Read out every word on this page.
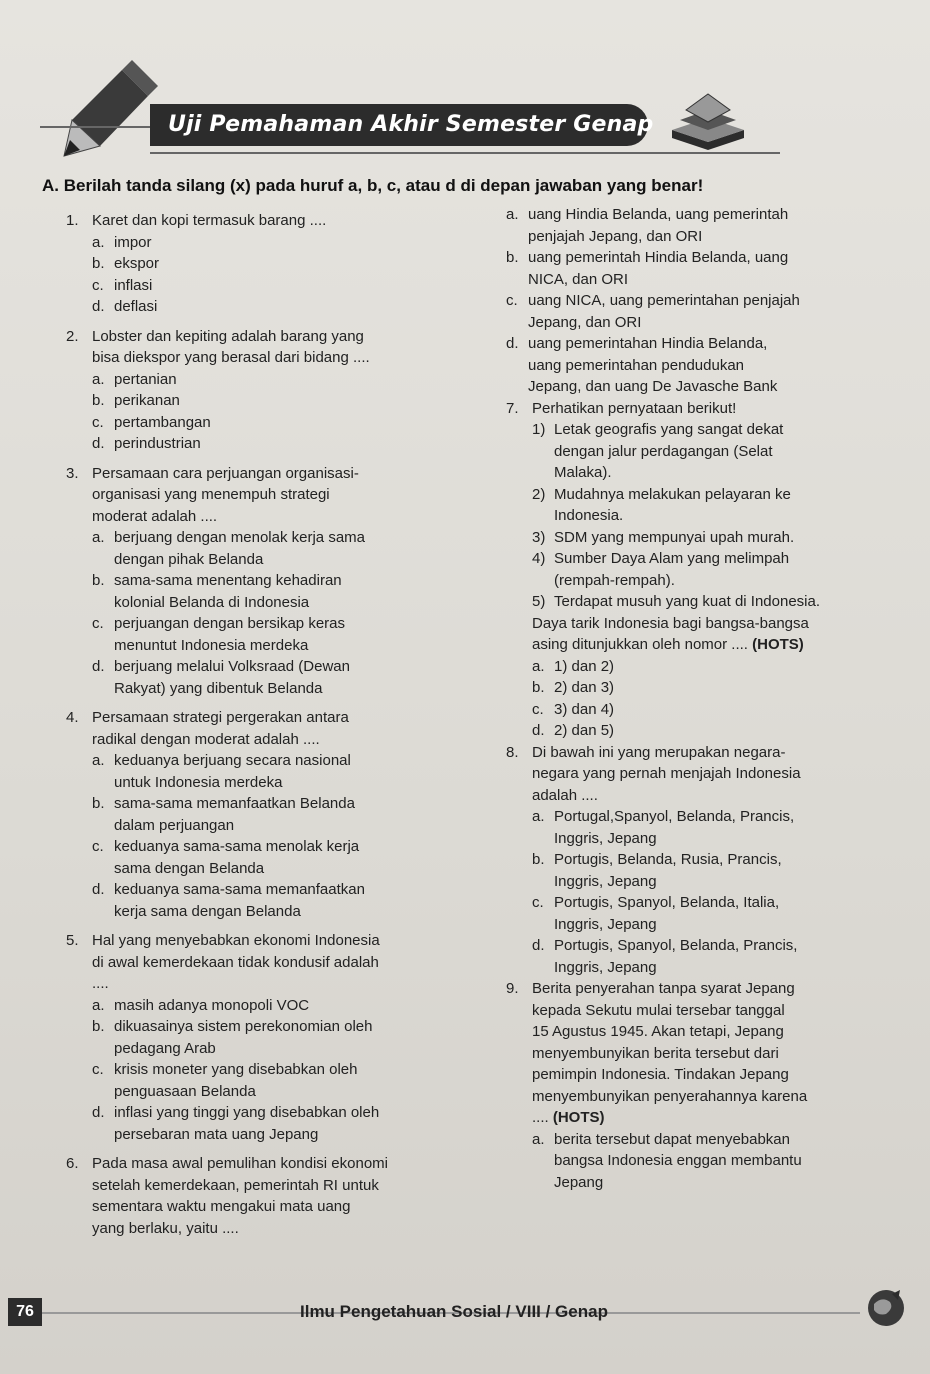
Uji Pemahaman Akhir Semester Genap
A. Berilah tanda silang (x) pada huruf a, b, c, atau d di depan jawaban yang benar!
1. Karet dan kopi termasuk barang ....
a. impor
b. ekspor
c. inflasi
d. deflasi
2. Lobster dan kepiting adalah barang yang
bisa diekspor yang berasal dari bidang ....
a. pertanian
b. perikanan
c. pertambangan
d. perindustrian
3. Persamaan cara perjuangan organisasi-
organisasi yang menempuh strategi
moderat adalah ....
a. berjuang dengan menolak kerja sama
dengan pihak Belanda
b. sama-sama menentang kehadiran
kolonial Belanda di Indonesia
c. perjuangan dengan bersikap keras
menuntut Indonesia merdeka
d. berjuang melalui Volksraad (Dewan
Rakyat) yang dibentuk Belanda
4. Persamaan strategi pergerakan antara
radikal dengan moderat adalah ....
a. keduanya berjuang secara nasional
untuk Indonesia merdeka
b. sama-sama memanfaatkan Belanda
dalam perjuangan
c. keduanya sama-sama menolak kerja
sama dengan Belanda
d. keduanya sama-sama memanfaatkan
kerja sama dengan Belanda
5. Hal yang menyebabkan ekonomi Indonesia
di awal kemerdekaan tidak kondusif adalah
....
a. masih adanya monopoli VOC
b. dikuasainya sistem perekonomian oleh
pedagang Arab
c. krisis moneter yang disebabkan oleh
penguasaan Belanda
d. inflasi yang tinggi yang disebabkan oleh
persebaran mata uang Jepang
6. Pada masa awal pemulihan kondisi ekonomi
setelah kemerdekaan, pemerintah RI untuk
sementara waktu mengakui mata uang
yang berlaku, yaitu ....
a. uang Hindia Belanda, uang pemerintah
penjajah Jepang, dan ORI
b. uang pemerintah Hindia Belanda, uang
NICA, dan ORI
c. uang NICA, uang pemerintahan penjajah
Jepang, dan ORI
d. uang pemerintahan Hindia Belanda,
uang pemerintahan pendudukan
Jepang, dan uang De Javasche Bank
7. Perhatikan pernyataan berikut!
1) Letak geografis yang sangat dekat
dengan jalur perdagangan (Selat
Malaka).
2) Mudahnya melakukan pelayaran ke
Indonesia.
3) SDM yang mempunyai upah murah.
4) Sumber Daya Alam yang melimpah
(rempah-rempah).
5) Terdapat musuh yang kuat di Indonesia.
Daya tarik Indonesia bagi bangsa-bangsa
asing ditunjukkan oleh nomor .... (HOTS)
a. 1) dan 2)
b. 2) dan 3)
c. 3) dan 4)
d. 2) dan 5)
8. Di bawah ini yang merupakan negara-
negara yang pernah menjajah Indonesia
adalah ....
a. Portugal,Spanyol, Belanda, Prancis,
Inggris, Jepang
b. Portugis, Belanda, Rusia, Prancis,
Inggris, Jepang
c. Portugis, Spanyol, Belanda, Italia,
Inggris, Jepang
d. Portugis, Spanyol, Belanda, Prancis,
Inggris, Jepang
9. Berita penyerahan tanpa syarat Jepang
kepada Sekutu mulai tersebar tanggal
15 Agustus 1945. Akan tetapi, Jepang
menyembunyikan berita tersebut dari
pemimpin Indonesia. Tindakan Jepang
menyembunyikan penyerahannya karena
.... (HOTS)
a. berita tersebut dapat menyebabkan
bangsa Indonesia enggan membantu
Jepang
76	Ilmu Pengetahuan Sosial / VIII / Genap
